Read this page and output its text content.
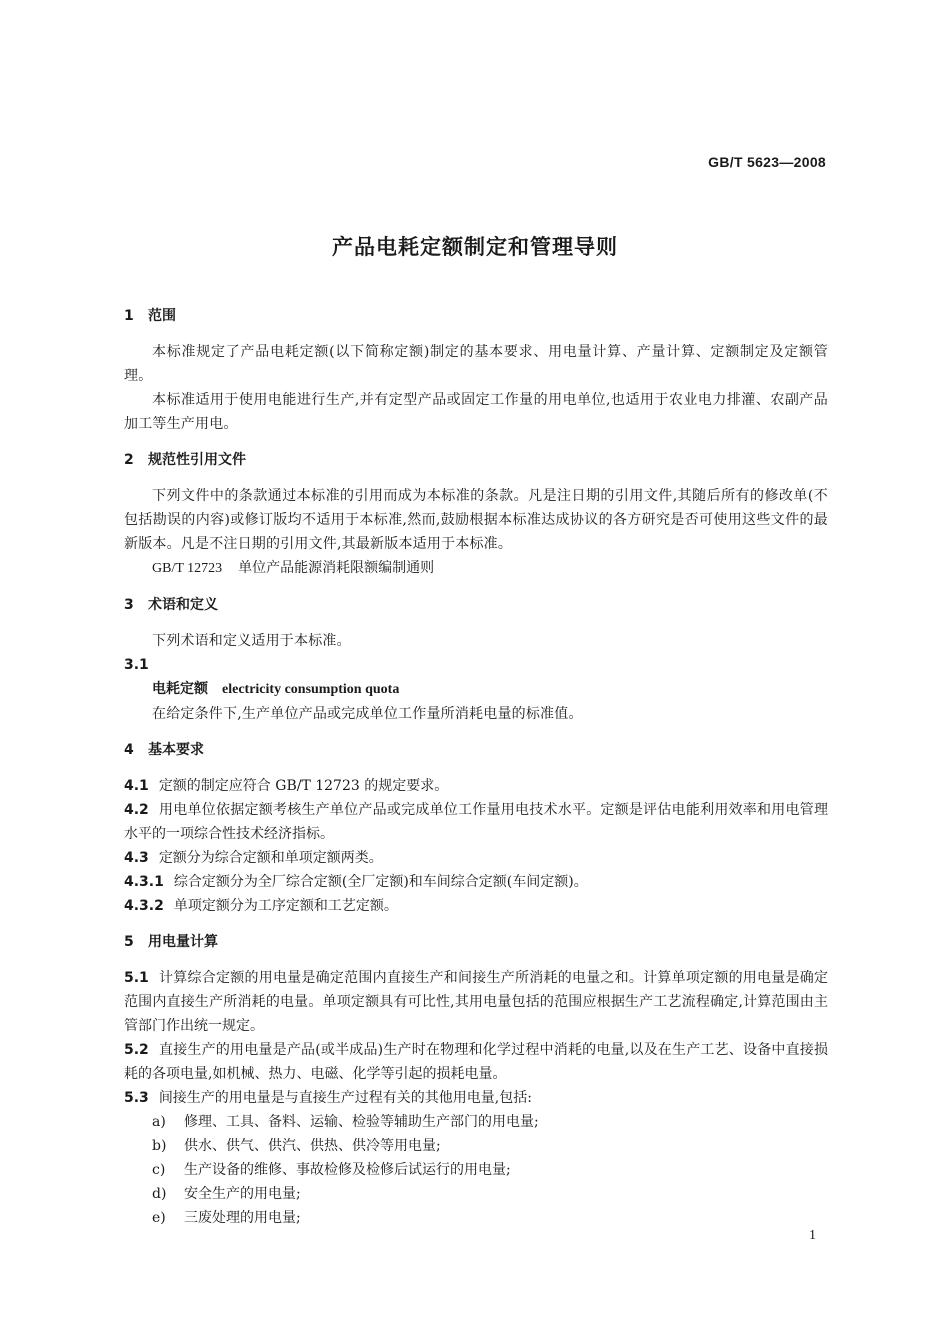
GB/T 5623—2008
产品电耗定额制定和管理导则

1 范围

本标准规定了产品电耗定额(以下简称定额)制定的基本要求、用电量计算、产量计算、定额制定及定额管理。

本标准适用于使用电能进行生产,并有定型产品或固定工作量的用电单位,也适用于农业电力排灌、农副产品加工等生产用电。

2 规范性引用文件

下列文件中的条款通过本标准的引用而成为本标准的条款。凡是注日期的引用文件,其随后所有的修改单(不包括勘误的内容)或修订版均不适用于本标准,然而,鼓励根据本标准达成协议的各方研究是否可使用这些文件的最新版本。凡是不注日期的引用文件,其最新版本适用于本标准。

GB/T 12723 单位产品能源消耗限额编制通则

3 术语和定义

下列术语和定义适用于本标准。

3.1

电耗定额 electricity consumption quota

在给定条件下,生产单位产品或完成单位工作量所消耗电量的标准值。

4 基本要求

4.1 定额的制定应符合 GB/T 12723 的规定要求。

4.2 用电单位依据定额考核生产单位产品或完成单位工作量用电技术水平。定额是评估电能利用效率和用电管理水平的一项综合性技术经济指标。

4.3 定额分为综合定额和单项定额两类。

4.3.1 综合定额分为全厂综合定额(全厂定额)和车间综合定额(车间定额)。

4.3.2 单项定额分为工序定额和工艺定额。

5 用电量计算

5.1 计算综合定额的用电量是确定范围内直接生产和间接生产所消耗的电量之和。计算单项定额的用电量是确定范围内直接生产所消耗的电量。单项定额具有可比性,其用电量包括的范围应根据生产工艺流程确定,计算范围由主管部门作出统一规定。

5.2 直接生产的用电量是产品(或半成品)生产时在物理和化学过程中消耗的电量,以及在生产工艺、设备中直接损耗的各项电量,如机械、热力、电磁、化学等引起的损耗电量。

5.3 间接生产的用电量是与直接生产过程有关的其他用电量,包括:

a) 修理、工具、备料、运输、检验等辅助生产部门的用电量;

b) 供水、供气、供汽、供热、供冷等用电量;

c) 生产设备的维修、事故检修及检修后试运行的用电量;

d) 安全生产的用电量;

e) 三废处理的用电量;

1
